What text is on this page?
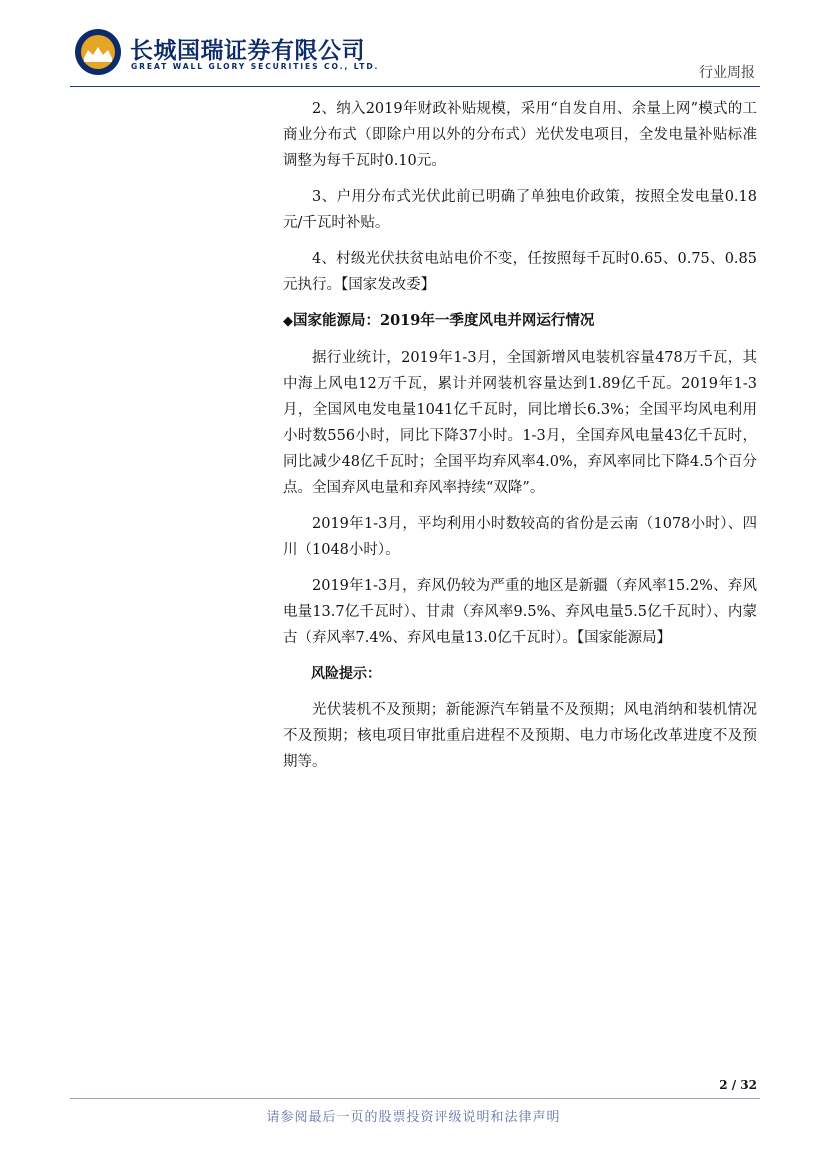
长城国瑞证券有限公司
GREAT WALL GLORY SECURITIES CO., LTD.	行业周报

2、纳入2019年财政补贴规模，采用“自发自用、余量上网”模式的工商业分布式（即除户用以外的分布式）光伏发电项目，全发电量补贴标准调整为每千瓦时0.10元。

3、户用分布式光伏此前已明确了单独电价政策，按照全发电量0.18元/千瓦时补贴。

4、村级光伏扶贫电站电价不变，任按照每千瓦时0.65、0.75、0.85元执行。【国家发改委】

◆国家能源局：2019年一季度风电并网运行情况

据行业统计，2019年1-3月，全国新增风电装机容量478万千瓦，其中海上风电12万千瓦，累计并网装机容量达到1.89亿千瓦。2019年1-3月，全国风电发电量1041亿千瓦时，同比增长6.3%；全国平均风电利用小时数556小时，同比下降37小时。1-3月，全国弃风电量43亿千瓦时，同比减少48亿千瓦时；全国平均弃风率4.0%，弃风率同比下降4.5个百分点。全国弃风电量和弃风率持续“双降”。

2019年1-3月，平均利用小时数较高的省份是云南（1078小时）、四川（1048小时）。

2019年1-3月，弃风仍较为严重的地区是新疆（弃风率15.2%、弃风电量13.7亿千瓦时）、甘肃（弃风率9.5%、弃风电量5.5亿千瓦时）、内蒙古（弃风率7.4%、弃风电量13.0亿千瓦时）。【国家能源局】

风险提示：

光伏装机不及预期；新能源汽车销量不及预期；风电消纳和装机情况不及预期；核电项目审批重启进程不及预期、电力市场化改革进度不及预期等。

2 / 32
请参阅最后一页的股票投资评级说明和法律声明
